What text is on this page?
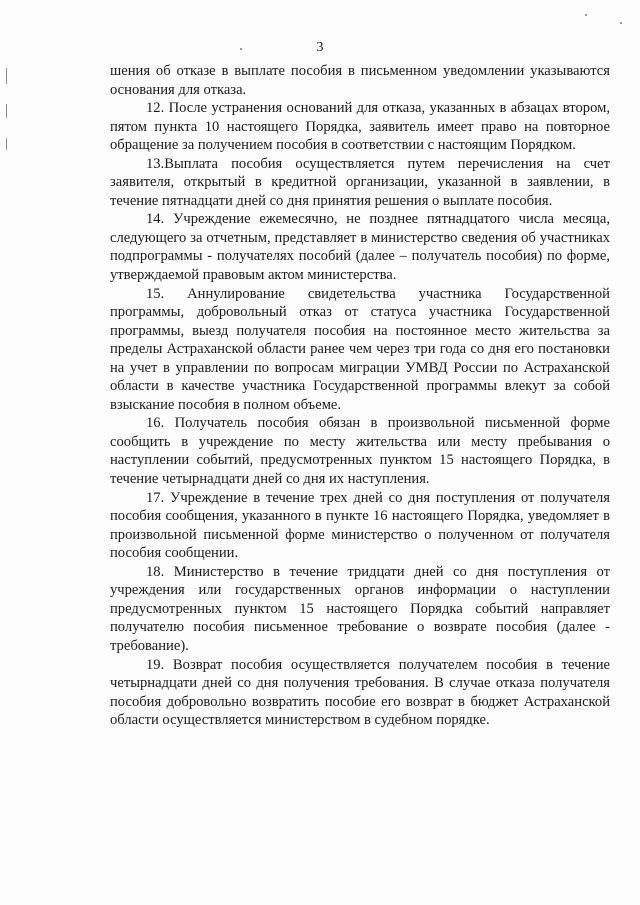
3

шения об отказе в выплате пособия в письменном уведомлении указываются основания для отказа.

12. После устранения оснований для отказа, указанных в абзацах втором, пятом пункта 10 настоящего Порядка, заявитель имеет право на повторное обращение за получением пособия в соответствии с настоящим Порядком.

13.Выплата пособия осуществляется путем перечисления на счет заявителя, открытый в кредитной организации, указанной в заявлении, в течение пятнадцати дней со дня принятия решения о выплате пособия.

14. Учреждение ежемесячно, не позднее пятнадцатого числа месяца, следующего за отчетным, представляет в министерство сведения об участниках подпрограммы - получателях пособий (далее – получатель пособия) по форме, утверждаемой правовым актом министерства.

15. Аннулирование свидетельства участника Государственной программы, добровольный отказ от статуса участника Государственной программы, выезд получателя пособия на постоянное место жительства за пределы Астраханской области ранее чем через три года со дня его постановки на учет в управлении по вопросам миграции УМВД России по Астраханской области в качестве участника Государственной программы влекут за собой взыскание пособия в полном объеме.

16. Получатель пособия обязан в произвольной письменной форме сообщить в учреждение по месту жительства или месту пребывания о наступлении событий, предусмотренных пунктом 15 настоящего Порядка, в течение четырнадцати дней со дня их наступления.

17. Учреждение в течение трех дней со дня поступления от получателя пособия сообщения, указанного в пункте 16 настоящего Порядка, уведомляет в произвольной письменной форме министерство о полученном от получателя пособия сообщении.

18. Министерство в течение тридцати дней со дня поступления от учреждения или государственных органов информации о наступлении предусмотренных пунктом 15 настоящего Порядка событий направляет получателю пособия письменное требование о возврате пособия (далее - требование).

19. Возврат пособия осуществляется получателем пособия в течение четырнадцати дней со дня получения требования. В случае отказа получателя пособия добровольно возвратить пособие его возврат в бюджет Астраханской области осуществляется министерством в судебном порядке.
